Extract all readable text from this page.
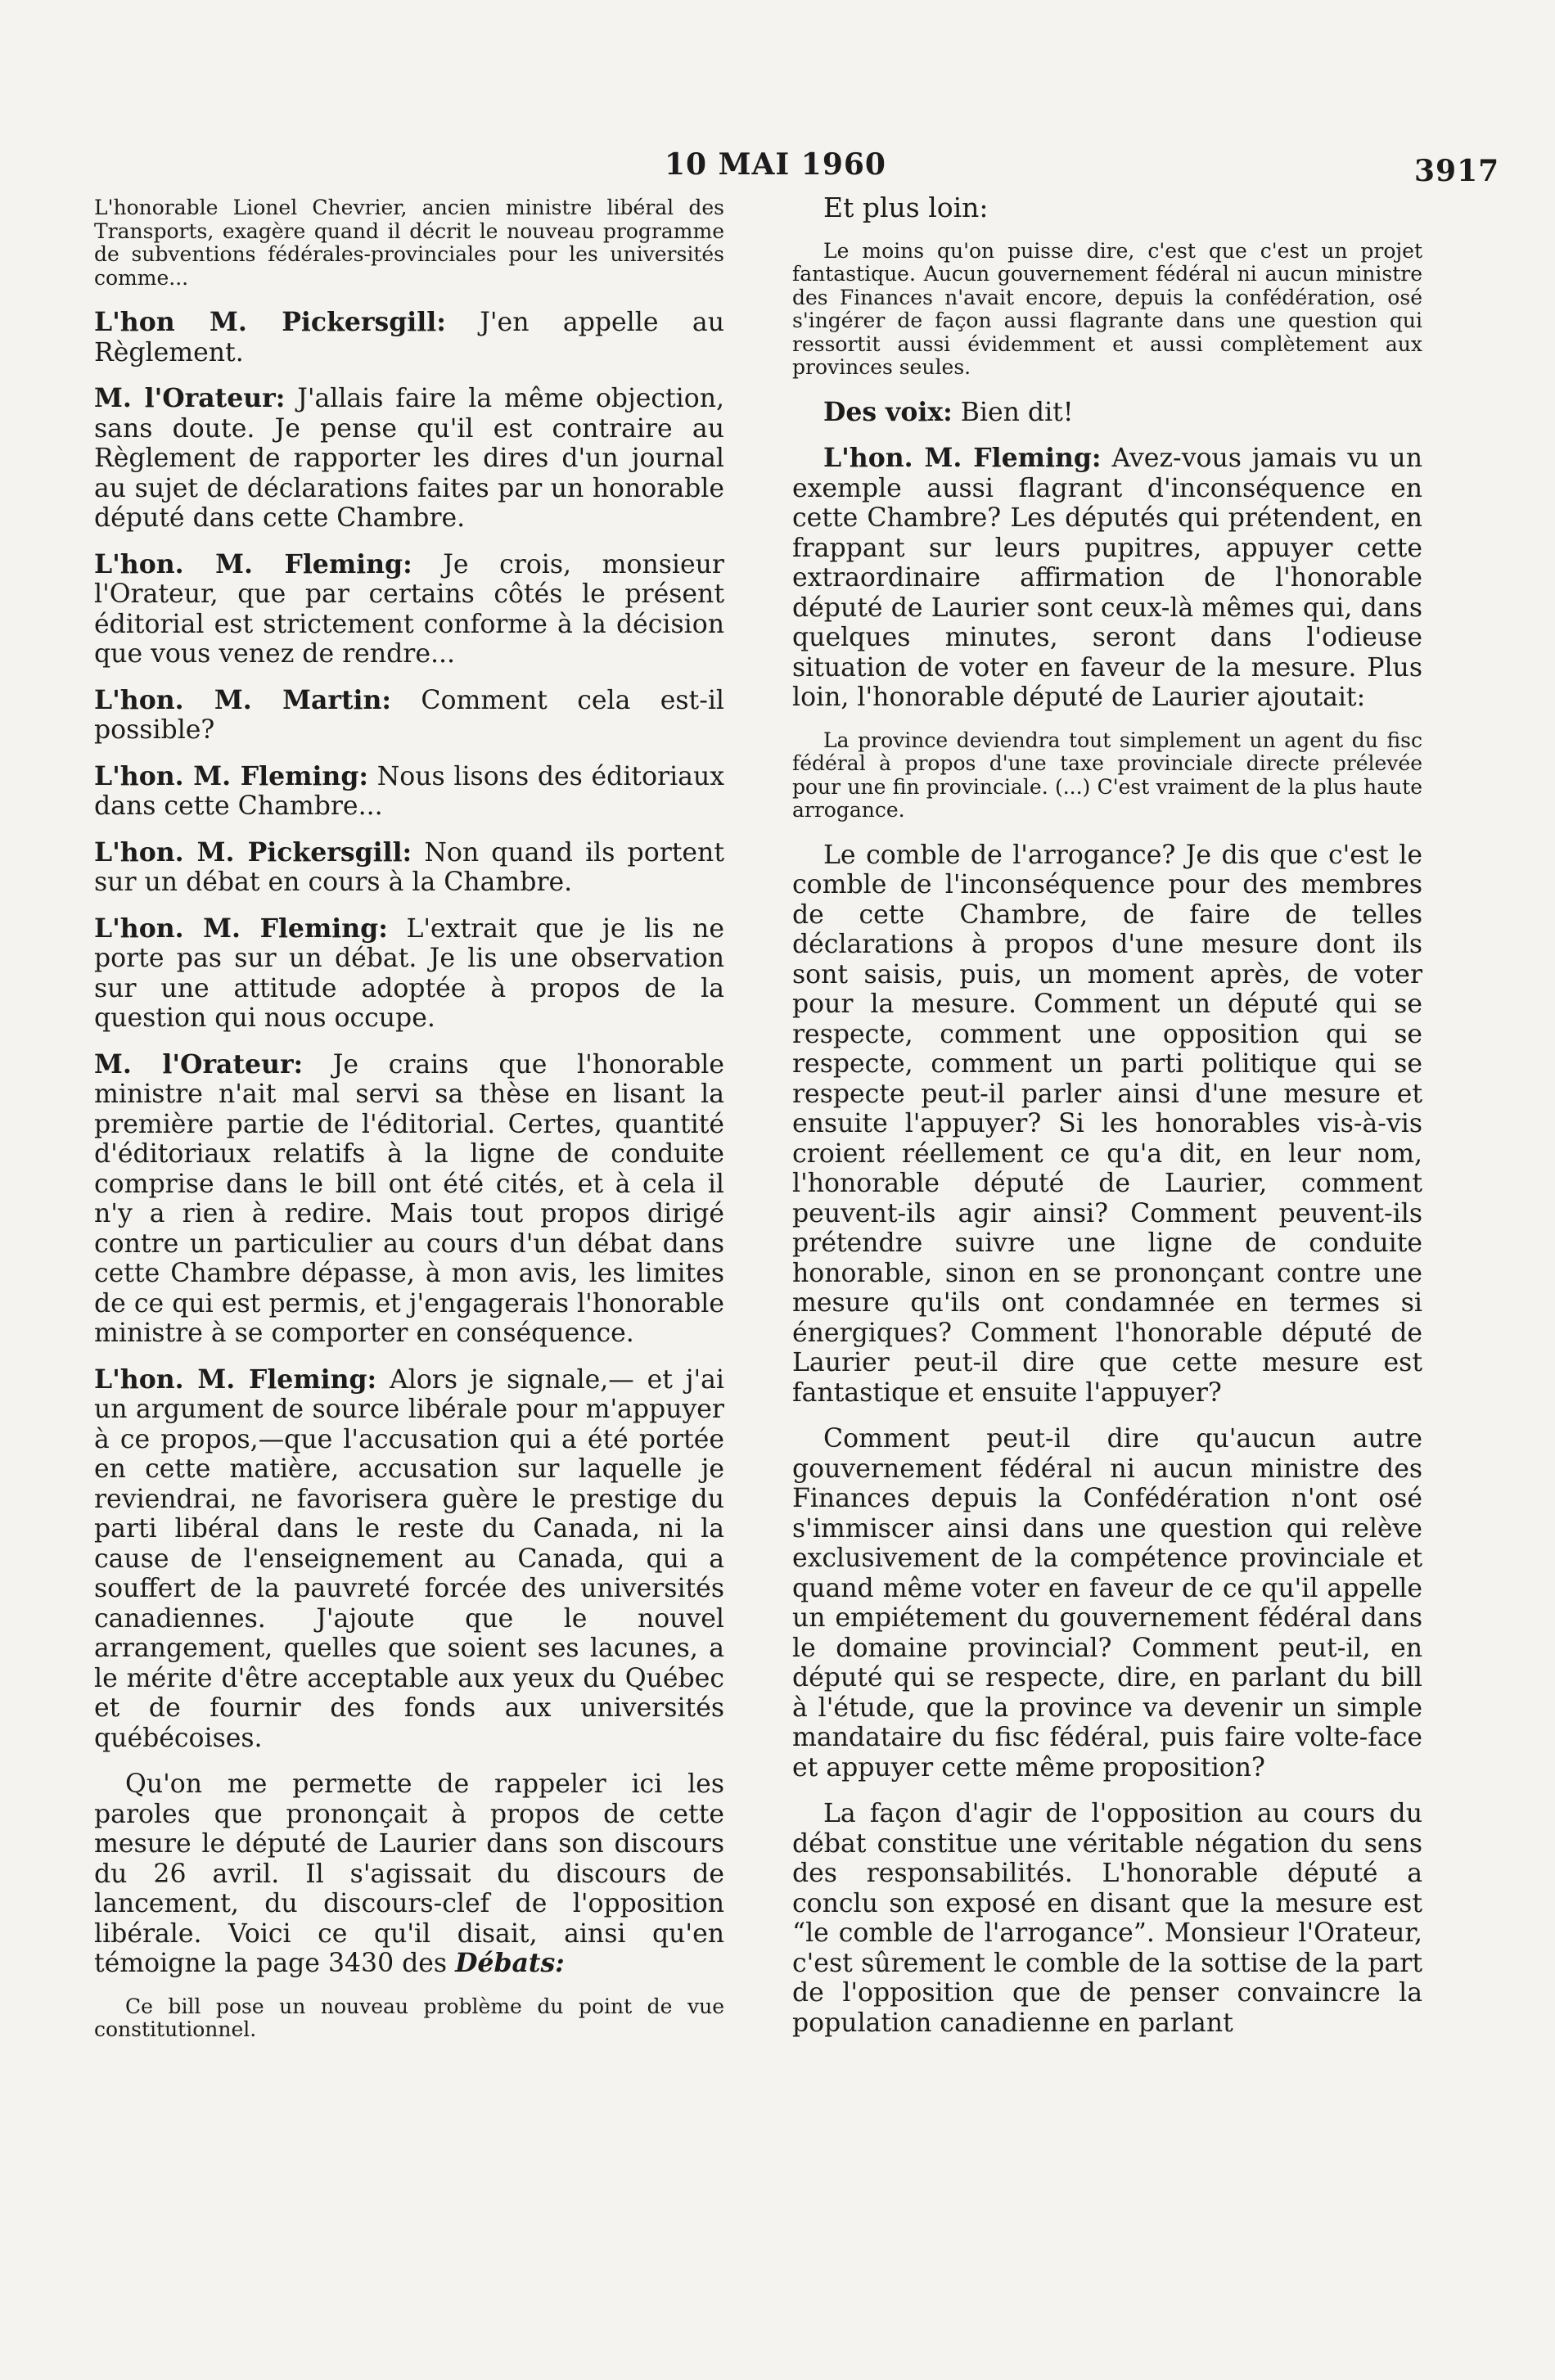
10 MAI 1960	3917

L'honorable Lionel Chevrier, ancien ministre libéral des Transports, exagère quand il décrit le nouveau programme de subventions fédérales-provinciales pour les universités comme...

L'hon M. Pickersgill: J'en appelle au Règlement.

M. l'Orateur: J'allais faire la même objection, sans doute. Je pense qu'il est contraire au Règlement de rapporter les dires d'un journal au sujet de déclarations faites par un honorable député dans cette Chambre.

L'hon. M. Fleming: Je crois, monsieur l'Orateur, que par certains côtés le présent éditorial est strictement conforme à la décision que vous venez de rendre...

L'hon. M. Martin: Comment cela est-il possible?

L'hon. M. Fleming: Nous lisons des éditoriaux dans cette Chambre...

L'hon. M. Pickersgill: Non quand ils portent sur un débat en cours à la Chambre.

L'hon. M. Fleming: L'extrait que je lis ne porte pas sur un débat. Je lis une observation sur une attitude adoptée à propos de la question qui nous occupe.

M. l'Orateur: Je crains que l'honorable ministre n'ait mal servi sa thèse en lisant la première partie de l'éditorial. Certes, quantité d'éditoriaux relatifs à la ligne de conduite comprise dans le bill ont été cités, et à cela il n'y a rien à redire. Mais tout propos dirigé contre un particulier au cours d'un débat dans cette Chambre dépasse, à mon avis, les limites de ce qui est permis, et j'engagerais l'honorable ministre à se comporter en conséquence.

L'hon. M. Fleming: Alors je signale,— et j'ai un argument de source libérale pour m'appuyer à ce propos,—que l'accusation qui a été portée en cette matière, accusation sur laquelle je reviendrai, ne favorisera guère le prestige du parti libéral dans le reste du Canada, ni la cause de l'enseignement au Canada, qui a souffert de la pauvreté forcée des universités canadiennes. J'ajoute que le nouvel arrangement, quelles que soient ses lacunes, a le mérite d'être acceptable aux yeux du Québec et de fournir des fonds aux universités québécoises.

Qu'on me permette de rappeler ici les paroles que prononçait à propos de cette mesure le député de Laurier dans son discours du 26 avril. Il s'agissait du discours de lancement, du discours-clef de l'opposition libérale. Voici ce qu'il disait, ainsi qu'en témoigne la page 3430 des Débats:

Ce bill pose un nouveau problème du point de vue constitutionnel.

Et plus loin:

Le moins qu'on puisse dire, c'est que c'est un projet fantastique. Aucun gouvernement fédéral ni aucun ministre des Finances n'avait encore, depuis la confédération, osé s'ingérer de façon aussi flagrante dans une question qui ressortit aussi évidemment et aussi complètement aux provinces seules.

Des voix: Bien dit!

L'hon. M. Fleming: Avez-vous jamais vu un exemple aussi flagrant d'inconséquence en cette Chambre? Les députés qui prétendent, en frappant sur leurs pupitres, appuyer cette extraordinaire affirmation de l'honorable député de Laurier sont ceux-là mêmes qui, dans quelques minutes, seront dans l'odieuse situation de voter en faveur de la mesure. Plus loin, l'honorable député de Laurier ajoutait:

La province deviendra tout simplement un agent du fisc fédéral à propos d'une taxe provinciale directe prélevée pour une fin provinciale. (...) C'est vraiment de la plus haute arrogance.

Le comble de l'arrogance? Je dis que c'est le comble de l'inconséquence pour des membres de cette Chambre, de faire de telles déclarations à propos d'une mesure dont ils sont saisis, puis, un moment après, de voter pour la mesure. Comment un député qui se respecte, comment une opposition qui se respecte, comment un parti politique qui se respecte peut-il parler ainsi d'une mesure et ensuite l'appuyer? Si les honorables vis-à-vis croient réellement ce qu'a dit, en leur nom, l'honorable député de Laurier, comment peuvent-ils agir ainsi? Comment peuvent-ils prétendre suivre une ligne de conduite honorable, sinon en se prononçant contre une mesure qu'ils ont condamnée en termes si énergiques? Comment l'honorable député de Laurier peut-il dire que cette mesure est fantastique et ensuite l'appuyer?

Comment peut-il dire qu'aucun autre gouvernement fédéral ni aucun ministre des Finances depuis la Confédération n'ont osé s'immiscer ainsi dans une question qui relève exclusivement de la compétence provinciale et quand même voter en faveur de ce qu'il appelle un empiétement du gouvernement fédéral dans le domaine provincial? Comment peut-il, en député qui se respecte, dire, en parlant du bill à l'étude, que la province va devenir un simple mandataire du fisc fédéral, puis faire volte-face et appuyer cette même proposition?

La façon d'agir de l'opposition au cours du débat constitue une véritable négation du sens des responsabilités. L'honorable député a conclu son exposé en disant que la mesure est “le comble de l'arrogance”. Monsieur l'Orateur, c'est sûrement le comble de la sottise de la part de l'opposition que de penser convaincre la population canadienne en parlant
